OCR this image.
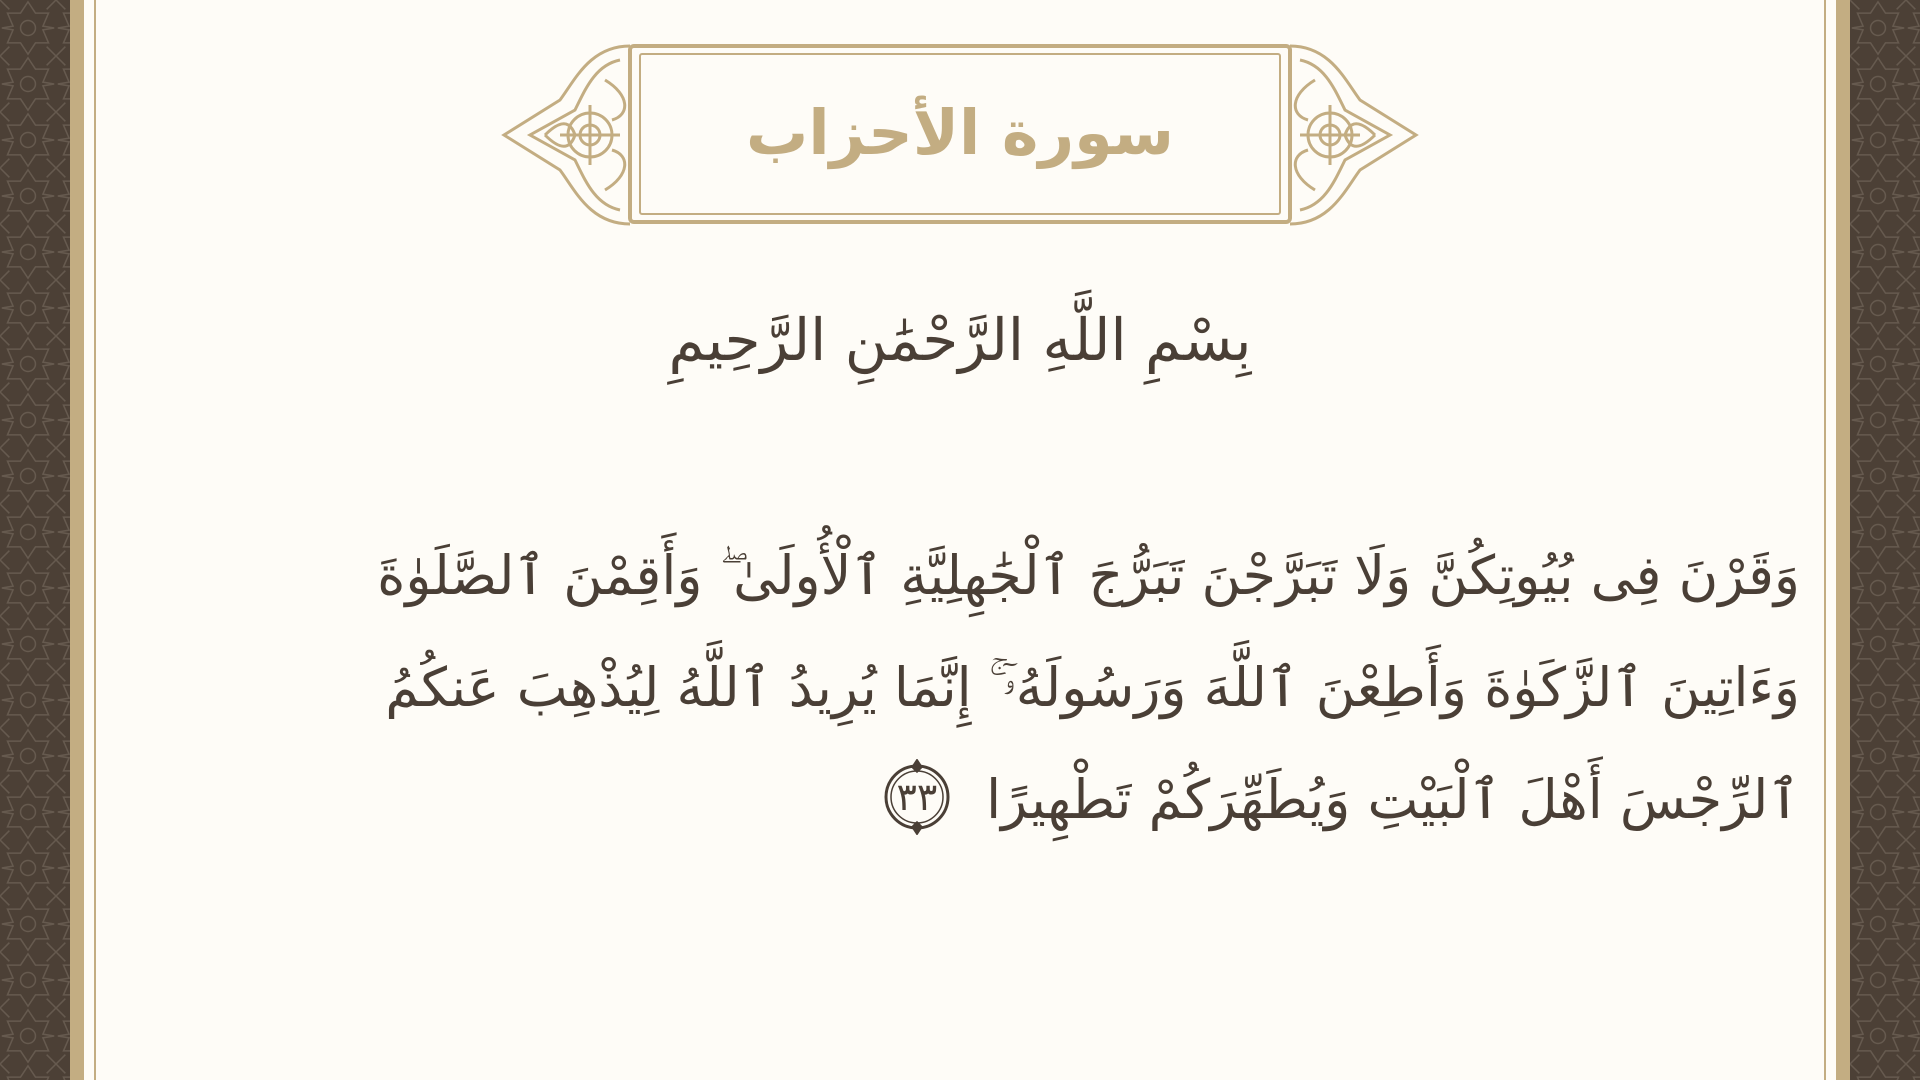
سورة الأحزاب
بِسْمِ اللَّهِ الرَّحْمَٰنِ الرَّحِيمِ
وَقَرْنَ فِى بُيُوتِكُنَّ وَلَا تَبَرَّجْنَ تَبَرُّجَ ٱلْجَٰهِلِيَّةِ ٱلْأُولَىٰ ۖ وَأَقِمْنَ ٱلصَّلَوٰةَ وَءَاتِينَ ٱلزَّكَوٰةَ وَأَطِعْنَ ٱللَّهَ وَرَسُولَهُۥٓ ۚ إِنَّمَا يُرِيدُ ٱللَّهُ لِيُذْهِبَ عَنكُمُ ٱلرِّجْسَ أَهْلَ ٱلْبَيْتِ وَيُطَهِّرَكُمْ تَطْهِيرًا
٣٣
